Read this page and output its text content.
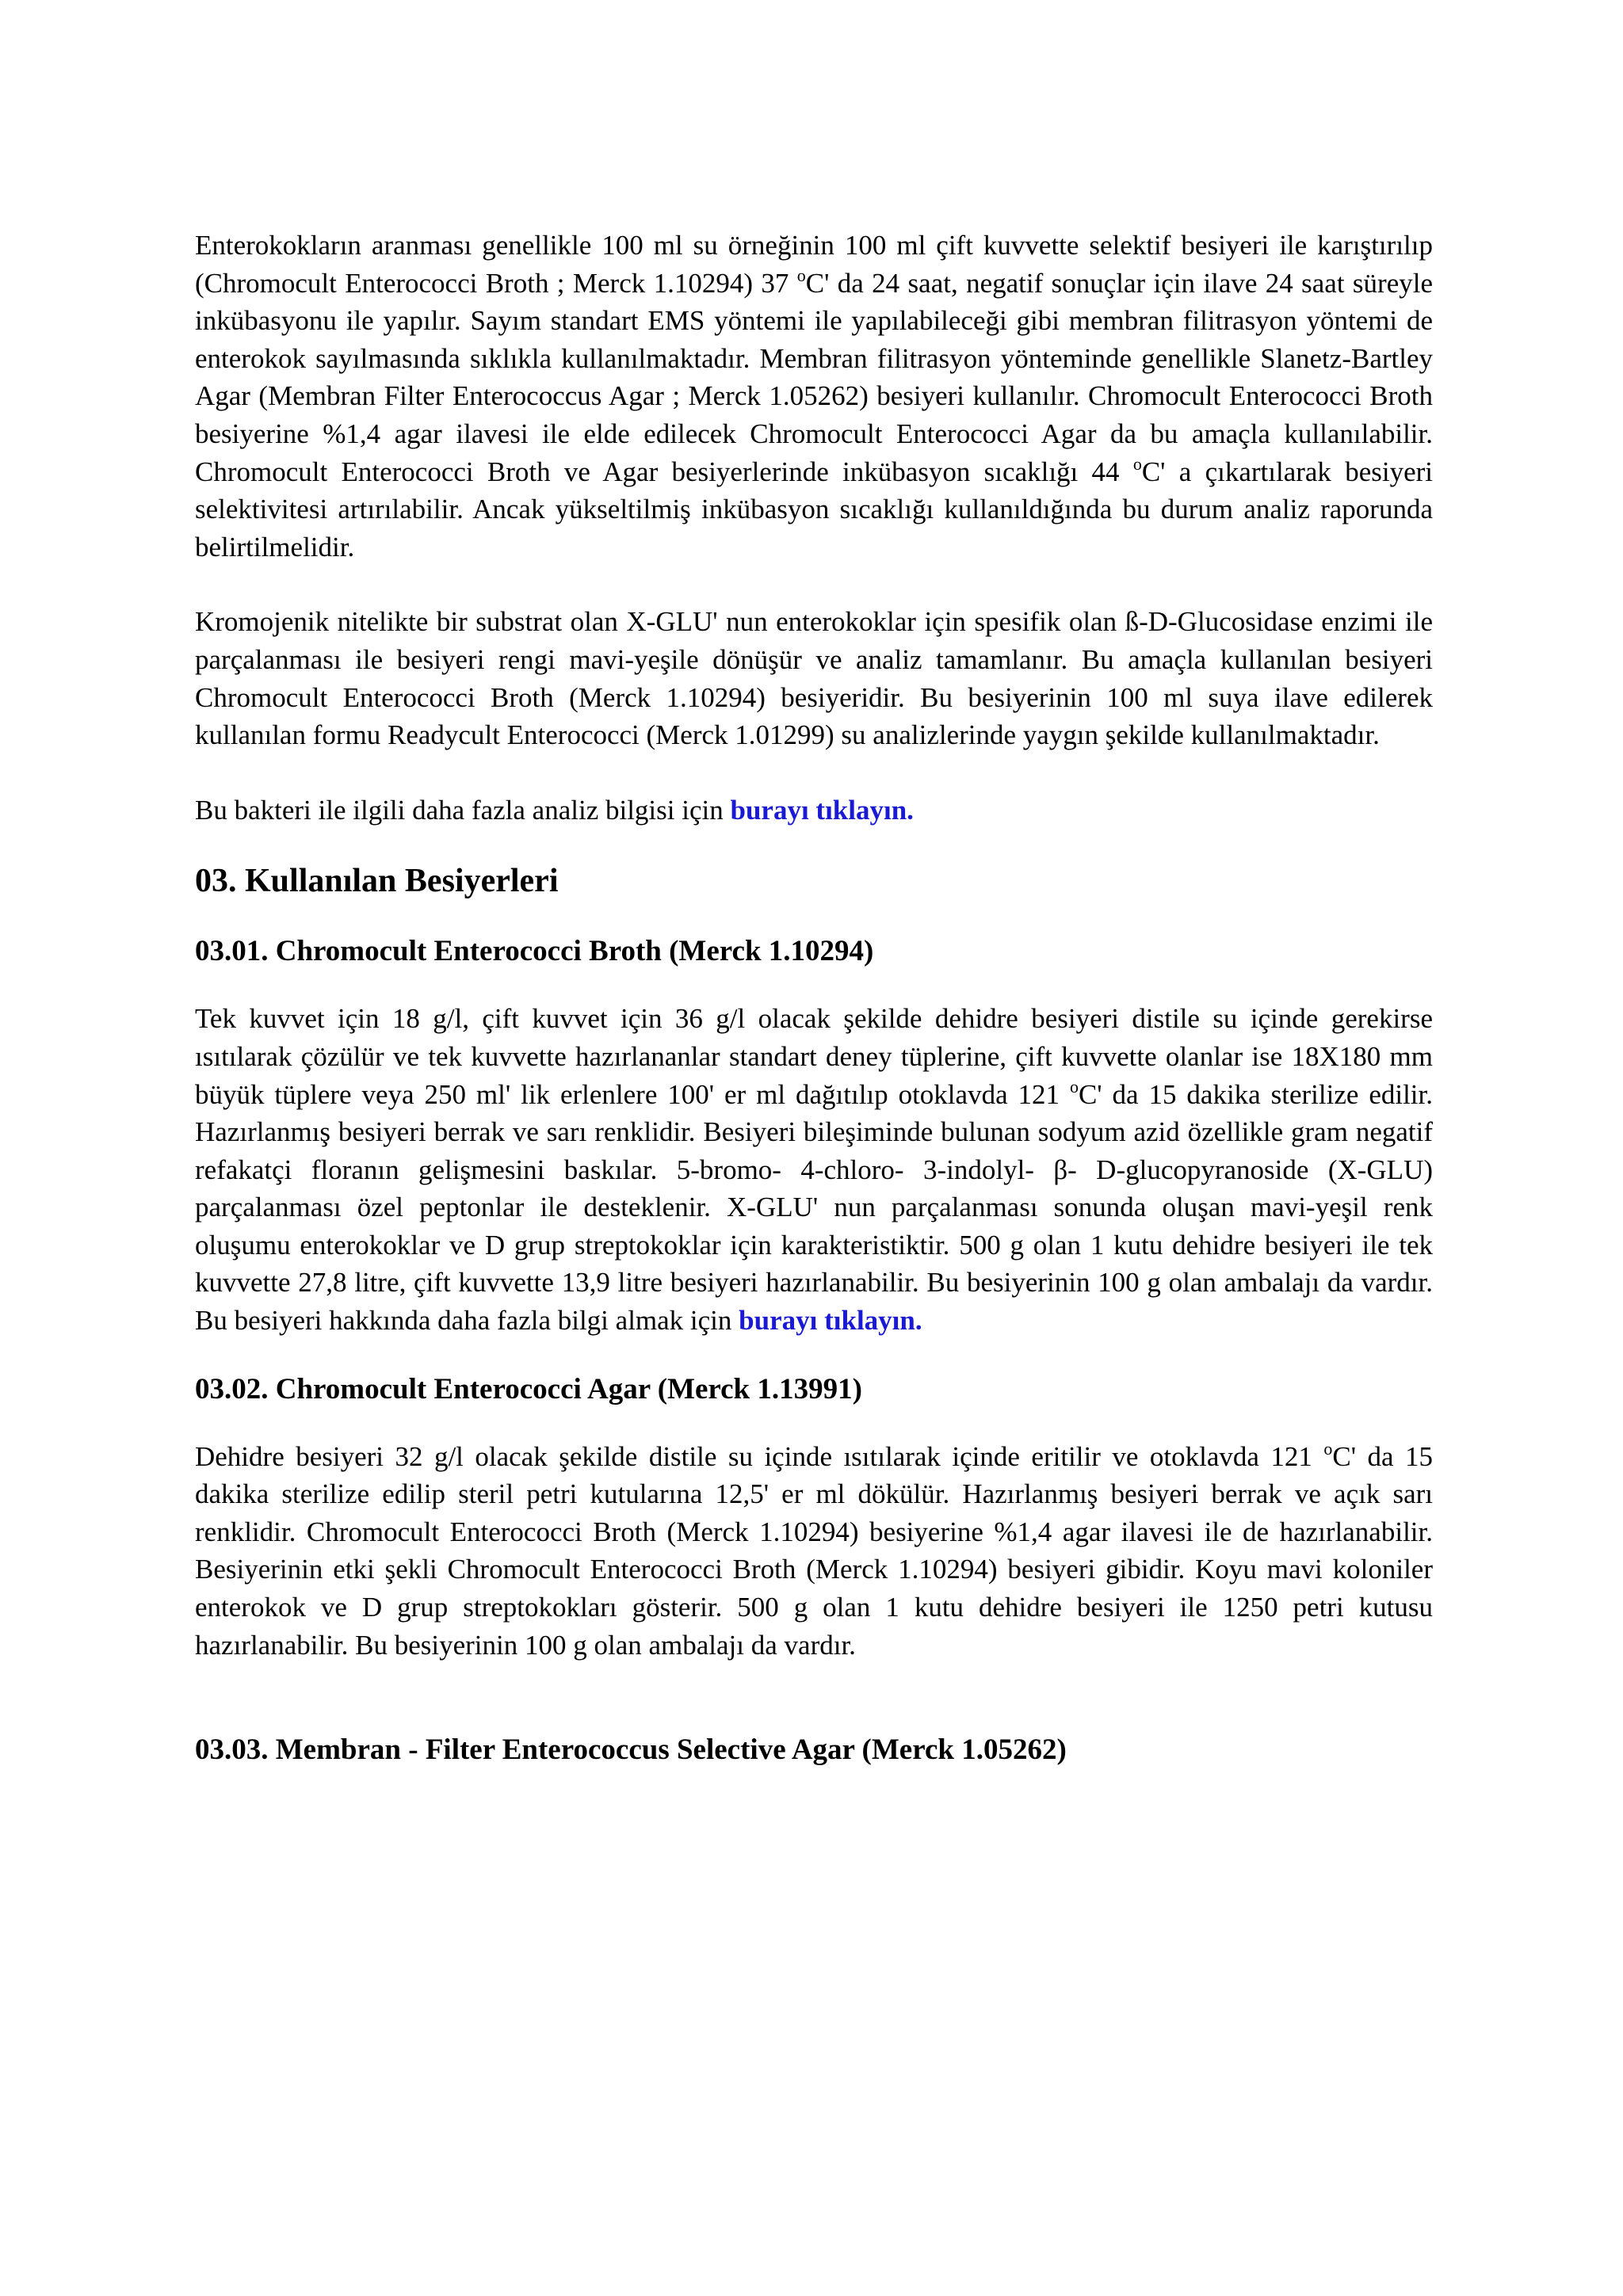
Enterokokların aranması genellikle 100 ml su örneğinin 100 ml çift kuvvette selektif besiyeri ile karıştırılıp (Chromocult Enterococci Broth ; Merck 1.10294) 37 $^o$C' da 24 saat, negatif sonuçlar için ilave 24 saat süreyle inkübasyonu ile yapılır. Sayım standart EMS yöntemi ile yapılabileceği gibi membran filitrasyon yöntemi de enterokok sayılmasında sıklıkla kullanılmaktadır. Membran filitrasyon yönteminde genellikle Slanetz-Bartley Agar (Membran Filter Enterococcus Agar ; Merck 1.05262) besiyeri kullanılır. Chromocult Enterococci Broth besiyerine %1,4 agar ilavesi ile elde edilecek Chromocult Enterococci Agar da bu amaçla kullanılabilir. Chromocult Enterococci Broth ve Agar besiyerlerinde inkübasyon sıcaklığı 44 $^o$C' a çıkartılarak besiyeri selektivitesi artırılabilir. Ancak yükseltilmiş inkübasyon sıcaklığı kullanıldığında bu durum analiz raporunda belirtilmelidir.

Kromojenik nitelikte bir substrat olan X-GLU' nun enterokoklar için spesifik olan ß-D-Glucosidase enzimi ile parçalanması ile besiyeri rengi mavi-yeşile dönüşür ve analiz tamamlanır. Bu amaçla kullanılan besiyeri Chromocult Enterococci Broth (Merck 1.10294) besiyeridir. Bu besiyerinin 100 ml suya ilave edilerek kullanılan formu Readycult Enterococci (Merck 1.01299) su analizlerinde yaygın şekilde kullanılmaktadır.

Bu bakteri ile ilgili daha fazla analiz bilgisi için burayı tıklayın.

03. Kullanılan Besiyerleri
03.01. Chromocult Enterococci Broth (Merck 1.10294)

Tek kuvvet için 18 g/l, çift kuvvet için 36 g/l olacak şekilde dehidre besiyeri distile su içinde gerekirse ısıtılarak çözülür ve tek kuvvette hazırlananlar standart deney tüplerine, çift kuvvette olanlar ise 18X180 mm büyük tüplere veya 250 ml' lik erlenlere 100' er ml dağıtılıp otoklavda 121 $^o$C' da 15 dakika sterilize edilir. Hazırlanmış besiyeri berrak ve sarı renklidir. Besiyeri bileşiminde bulunan sodyum azid özellikle gram negatif refakatçi floranın gelişmesini baskılar. 5-bromo- 4-chloro- 3-indolyl- β- D-glucopyranoside (X-GLU) parçalanması özel peptonlar ile desteklenir. X-GLU' nun parçalanması sonunda oluşan mavi-yeşil renk oluşumu enterokoklar ve D grup streptokoklar için karakteristiktir. 500 g olan 1 kutu dehidre besiyeri ile tek kuvvette 27,8 litre, çift kuvvette 13,9 litre besiyeri hazırlanabilir. Bu besiyerinin 100 g olan ambalajı da vardır. Bu besiyeri hakkında daha fazla bilgi almak için burayı tıklayın.

03.02. Chromocult Enterococci Agar (Merck 1.13991)

Dehidre besiyeri 32 g/l olacak şekilde distile su içinde ısıtılarak içinde eritilir ve otoklavda 121 $^o$C' da 15 dakika sterilize edilip steril petri kutularına 12,5' er ml dökülür. Hazırlanmış besiyeri berrak ve açık sarı renklidir. Chromocult Enterococci Broth (Merck 1.10294) besiyerine %1,4 agar ilavesi ile de hazırlanabilir. Besiyerinin etki şekli Chromocult Enterococci Broth (Merck 1.10294) besiyeri gibidir. Koyu mavi koloniler enterokok ve D grup streptokokları gösterir. 500 g olan 1 kutu dehidre besiyeri ile 1250 petri kutusu hazırlanabilir. Bu besiyerinin 100 g olan ambalajı da vardır.

03.03. Membran - Filter Enterococcus Selective Agar (Merck 1.05262)
